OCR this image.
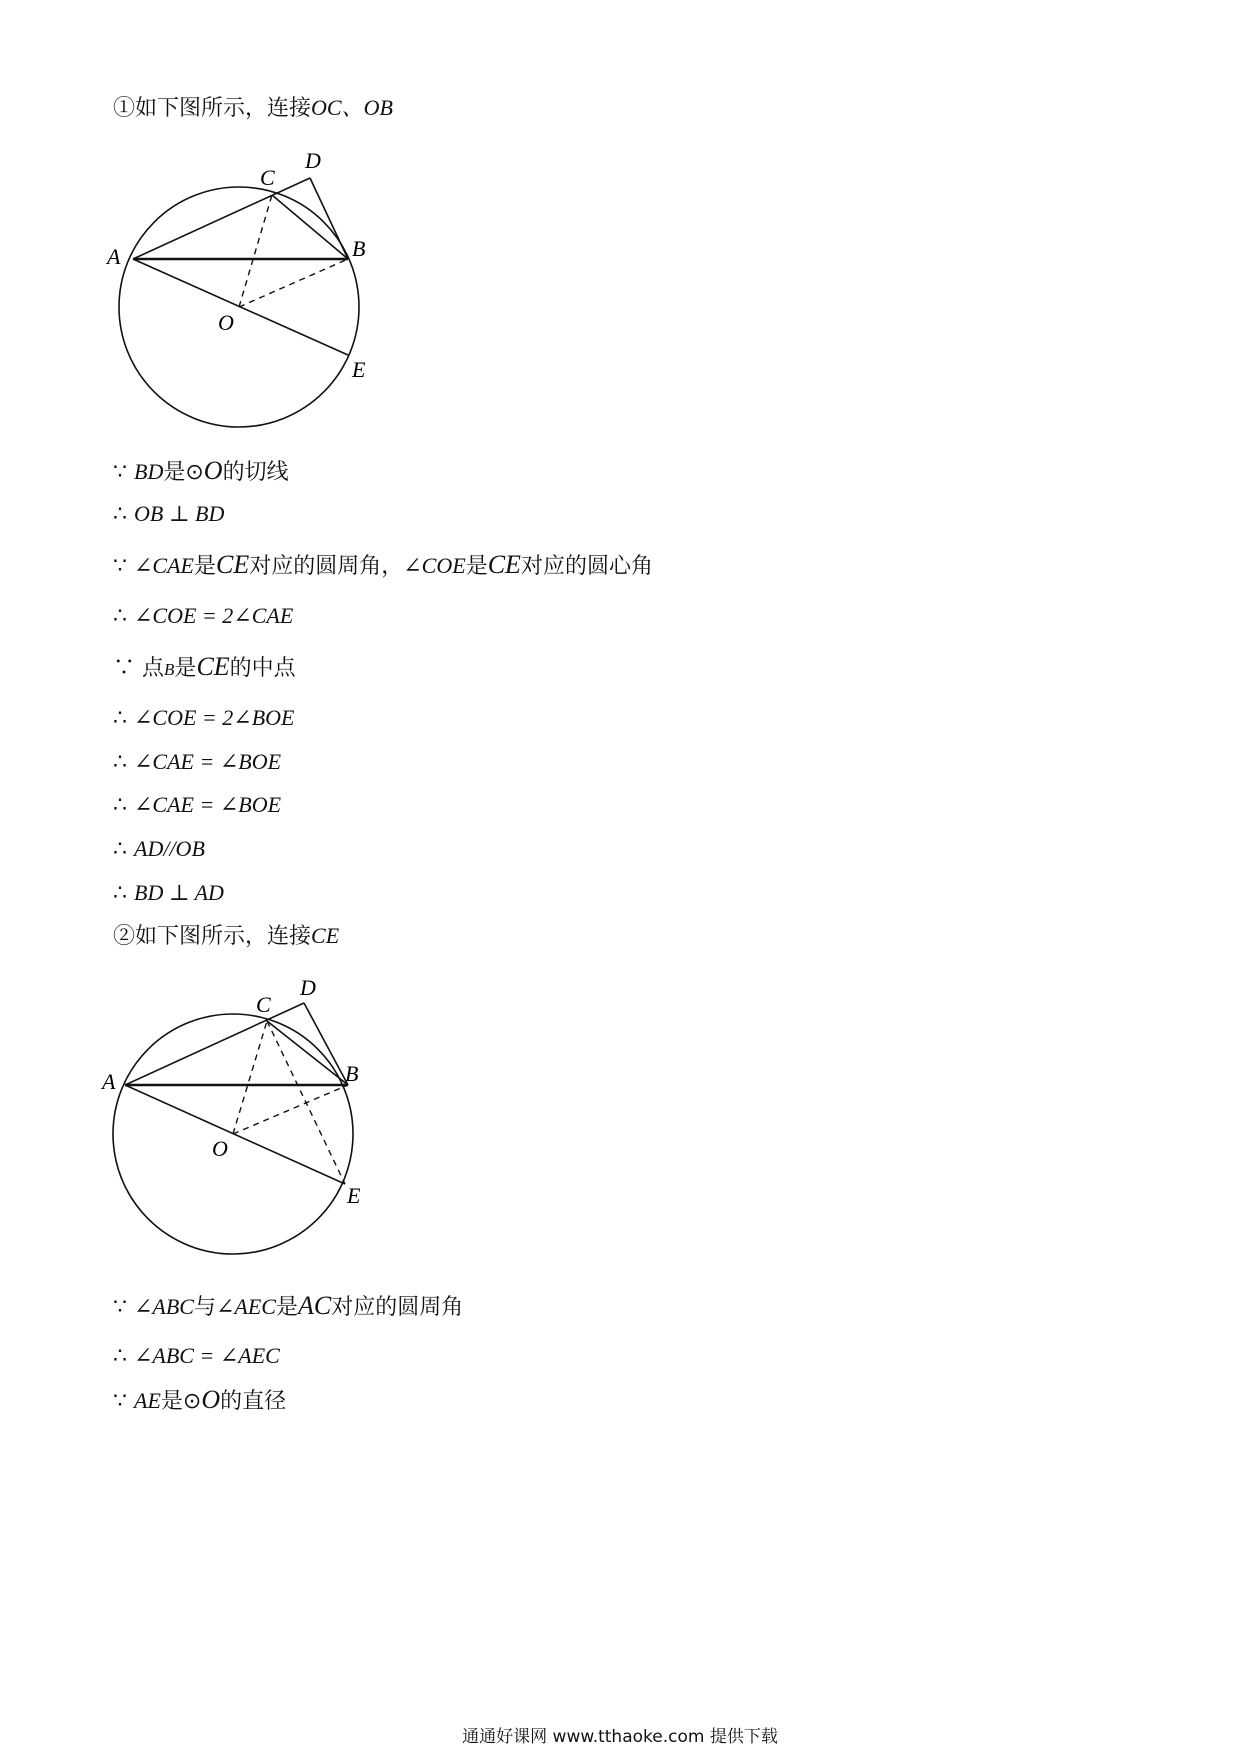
①如下图所示，连接OC、OB
A	B
C
D
E
O
∵ BD是⊙O的切线
∴ OB ⊥ BD
∵ ∠CAE是CE对应的圆周角，∠COE是CE对应的圆心角
∴ ∠COE = 2∠CAE
∵ 点B是CE的中点
∴ ∠COE = 2∠BOE
∴ ∠CAE = ∠BOE
∴ ∠CAE = ∠BOE
∴ AD//OB
∴ BD ⊥ AD
②如下图所示，连接CE
A	B
C
D
E
O
∵ ∠ABC与∠AEC是AC对应的圆周角
∴ ∠ABC = ∠AEC
∵ AE是⊙O的直径
通通好课网 www.tthaoke.com 提供下载
